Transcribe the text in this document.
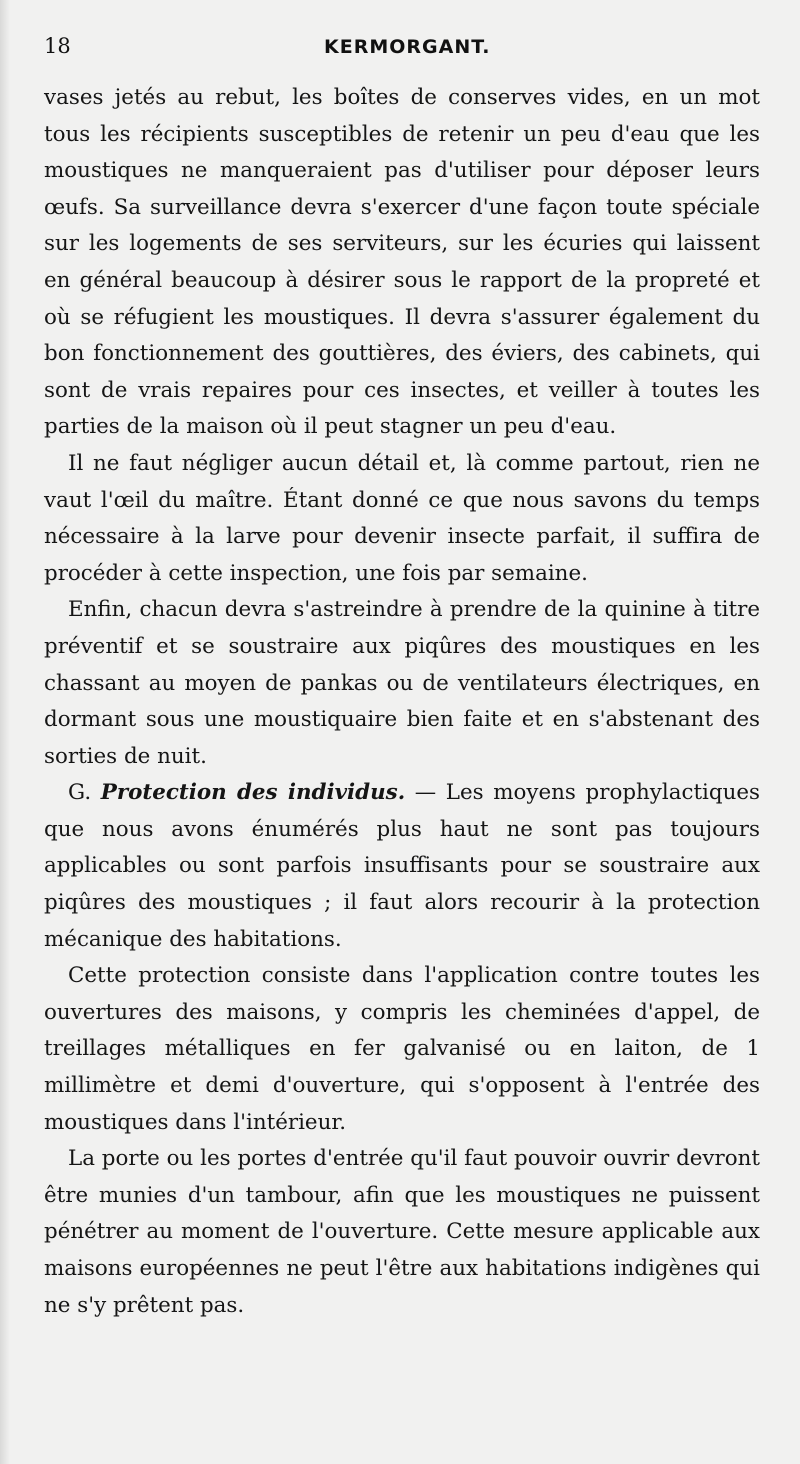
18	KERMORGANT.

vases jetés au rebut, les boîtes de conserves vides, en un mot tous les récipients susceptibles de retenir un peu d'eau que les moustiques ne manqueraient pas d'utiliser pour déposer leurs œufs. Sa surveillance devra s'exercer d'une façon toute spéciale sur les logements de ses serviteurs, sur les écuries qui laissent en général beaucoup à désirer sous le rapport de la propreté et où se réfugient les moustiques. Il devra s'assurer également du bon fonctionnement des gouttières, des éviers, des cabinets, qui sont de vrais repaires pour ces insectes, et veiller à toutes les parties de la maison où il peut stagner un peu d'eau.

Il ne faut négliger aucun détail et, là comme partout, rien ne vaut l'œil du maître. Étant donné ce que nous savons du temps nécessaire à la larve pour devenir insecte parfait, il suffira de procéder à cette inspection, une fois par semaine.

Enfin, chacun devra s'astreindre à prendre de la quinine à titre préventif et se soustraire aux piqûres des moustiques en les chassant au moyen de pankas ou de ventilateurs électriques, en dormant sous une moustiquaire bien faite et en s'abstenant des sorties de nuit.

G. Protection des individus. — Les moyens prophylactiques que nous avons énumérés plus haut ne sont pas toujours applicables ou sont parfois insuffisants pour se soustraire aux piqûres des moustiques ; il faut alors recourir à la protection mécanique des habitations.

Cette protection consiste dans l'application contre toutes les ouvertures des maisons, y compris les cheminées d'appel, de treillages métalliques en fer galvanisé ou en laiton, de 1 millimètre et demi d'ouverture, qui s'opposent à l'entrée des moustiques dans l'intérieur.

La porte ou les portes d'entrée qu'il faut pouvoir ouvrir devront être munies d'un tambour, afin que les moustiques ne puissent pénétrer au moment de l'ouverture. Cette mesure applicable aux maisons européennes ne peut l'être aux habitations indigènes qui ne s'y prêtent pas.
